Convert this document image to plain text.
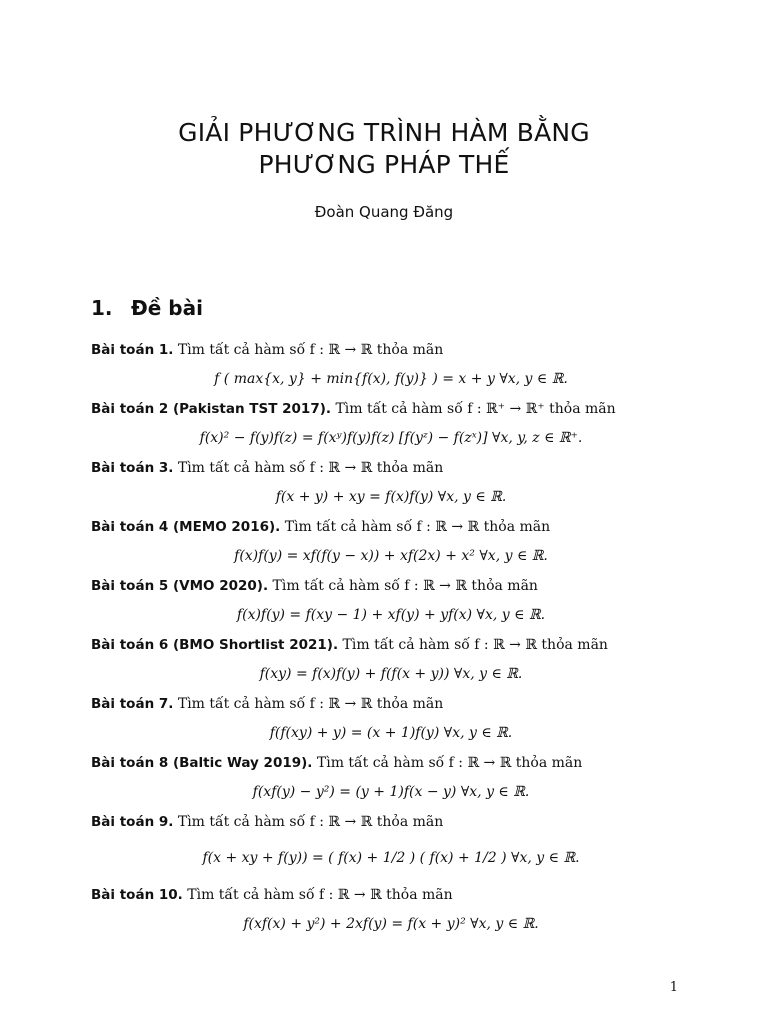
GIẢI PHƯƠNG TRÌNH HÀM BẰNG
PHƯƠNG PHÁP THẾ
Đoàn Quang Đăng
1. Đề bài
Bài toán 1. Tìm tất cả hàm số f : ℝ → ℝ thỏa mãn
f ( max{x, y} + min{f(x), f(y)} ) = x + y ∀x, y ∈ ℝ.
Bài toán 2 (Pakistan TST 2017). Tìm tất cả hàm số f : ℝ⁺ → ℝ⁺ thỏa mãn
f(x)² − f(y)f(z) = f(xʸ)f(y)f(z) [f(yᶻ) − f(zˣ)] ∀x, y, z ∈ ℝ⁺.
Bài toán 3. Tìm tất cả hàm số f : ℝ → ℝ thỏa mãn
f(x + y) + xy = f(x)f(y) ∀x, y ∈ ℝ.
Bài toán 4 (MEMO 2016). Tìm tất cả hàm số f : ℝ → ℝ thỏa mãn
f(x)f(y) = xf(f(y − x)) + xf(2x) + x² ∀x, y ∈ ℝ.
Bài toán 5 (VMO 2020). Tìm tất cả hàm số f : ℝ → ℝ thỏa mãn
f(x)f(y) = f(xy − 1) + xf(y) + yf(x) ∀x, y ∈ ℝ.
Bài toán 6 (BMO Shortlist 2021). Tìm tất cả hàm số f : ℝ → ℝ thỏa mãn
f(xy) = f(x)f(y) + f(f(x + y)) ∀x, y ∈ ℝ.
Bài toán 7. Tìm tất cả hàm số f : ℝ → ℝ thỏa mãn
f(f(xy) + y) = (x + 1)f(y) ∀x, y ∈ ℝ.
Bài toán 8 (Baltic Way 2019). Tìm tất cả hàm số f : ℝ → ℝ thỏa mãn
f(xf(y) − y²) = (y + 1)f(x − y) ∀x, y ∈ ℝ.
Bài toán 9. Tìm tất cả hàm số f : ℝ → ℝ thỏa mãn
f(x + xy + f(y)) = ( f(x) + 1/2 ) ( f(x) + 1/2 ) ∀x, y ∈ ℝ.
Bài toán 10. Tìm tất cả hàm số f : ℝ → ℝ thỏa mãn
f(xf(x) + y²) + 2xf(y) = f(x + y)² ∀x, y ∈ ℝ.
1
